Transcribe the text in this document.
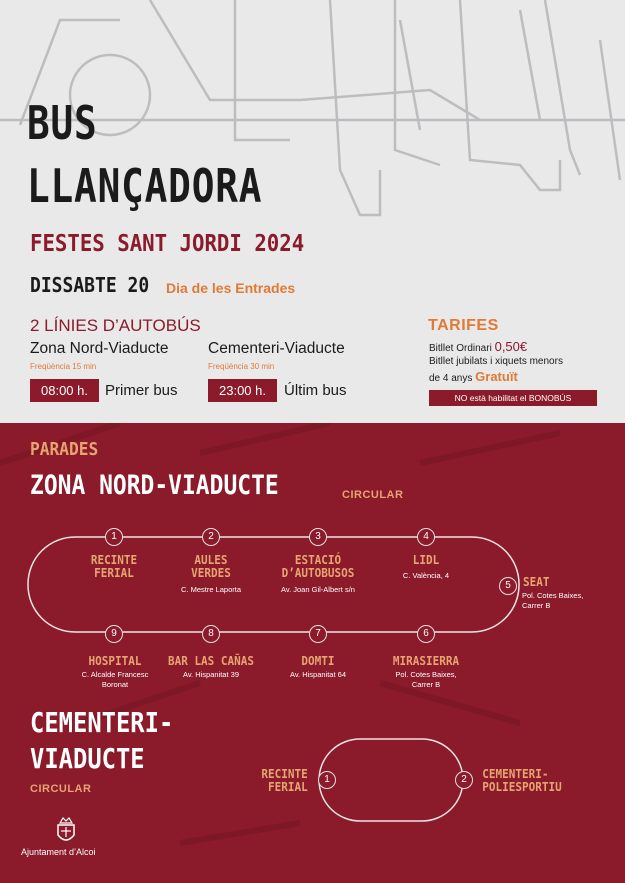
BUS
LLANÇADORA
FESTES SANT JORDI 2024
DISSABTE 20 Dia de les Entrades
2 LÍNIES D’AUTOBÚS
Zona Nord-Viaducte
Freqüència 15 min
08:00 h.	Primer bus
Cementeri-Viaducte
Freqüència 30 min
23:00 h.	Últim bus
TARIFES
Bitllet Ordinari 0,50€
Bitllet jubilats i xiquets menors
de 4 anys Gratuït
NO està habilitat el BONOBÚS
PARADES
ZONA NORD-VIADUCTE	CIRCULAR
1
RECINTE
FERIAL
2
AULES
VERDES
C. Mestre Laporta
3
ESTACIÓ
D’AUTOBUSOS
Av. Joan Gil-Albert s/n
4
LIDL
C. València, 4
5 SEAT
Pol. Cotes Baixes,
Carrer B
6
MIRASIERRA
Pol. Cotes Baixes,
Carrer B
7
DOMTI
Av. Hispanitat 64
8
BAR LAS CAÑAS
Av. Hispanitat 39
9
HOSPITAL
C. Alcalde Francesc
Boronat
CEMENTERI-
VIADUCTE
CIRCULAR
1
RECINTE
FERIAL	2	CEMENTERI-
POLIESPORTIU
Ajuntament d’Alcoi
